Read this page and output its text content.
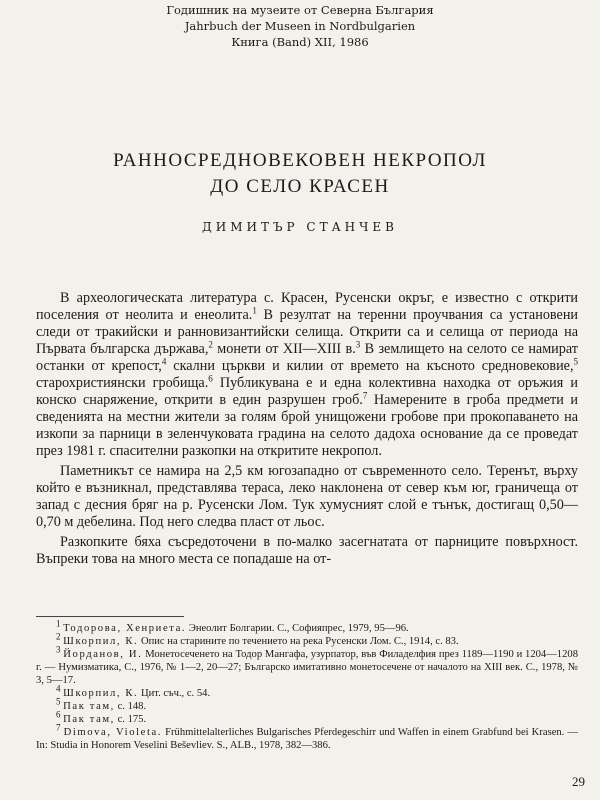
Годишник на музеите от Северна България
Jahrbuch der Museen in Nordbulgarien
Книга (Band) XII, 1986
РАННОСРЕДНОВЕКОВЕН НЕКРОПОЛ
ДО СЕЛО КРАСЕН
ДИМИТЪР СТАНЧЕВ

В археологическата литература с. Красен, Русенски окръг, е известно с открити поселения от неолита и енеолита.$^1$ В резултат на теренни проучвания са установени следи от тракийски и ранновизантийски селища. Открити са и селища от периода на Първата българска държава,$^2$ монети от XII—XIII в.$^3$ В землището на селото се намират останки от крепост,$^4$ скални църкви и килии от времето на късното средновековие,$^5$ старохристиянски гробища.$^6$ Публикувана е и една колективна находка от оръжия и конско снаряжение, открити в един разрушен гроб.$^7$ Намерените в гроба предмети и сведенията на местни жители за голям брой унищожени гробове при прокопаването на изкопи за парници в зеленчуковата градина на селото дадоха основание да се проведат през 1981 г. спасителни разкопки на откритите некропол.

Паметникът се намира на 2,5 км югозападно от съвременното село. Теренът, върху който е възникнал, представлява тераса, леко наклонена от север към юг, граничеща от запад с десния бряг на р. Русенски Лом. Тук хумусният слой е тънък, достигащ 0,50—0,70 м дебелина. Под него следва пласт от льос.

Разкопките бяха съсредоточени в по-малко засегнатата от парниците повърхност. Въпреки това на много места се попадаше на от-

$^1$ Тодорова, Хенриета. Энеолит Болгарии. С., Софияпрес, 1979, 95—96.

$^2$ Шкорпил, К. Опис на старините по течението на река Русенски Лом. С., 1914, с. 83.

$^3$ Йорданов, И. Монетосеченето на Тодор Мангафа, узурпатор, във Филаделфия през 1189—1190 и 1204—1208 г. — Нумизматика, С., 1976, № 1—2, 20—27; Българско имитативно монетосечене от началото на XIII век. С., 1978, № 3, 5—17.

$^4$ Шкорпил, К. Цит. съч., с. 54.

$^5$ Пак там, с. 148.

$^6$ Пак там, с. 175.

$^7$ Dimova, Violeta. Frühmittelalterliches Bulgarisches Pferdegeschirr und Waffen in einem Grabfund bei Krasen. — In: Studia in Honorem Veselini Beševliev. S., ALB., 1978, 382—386.

29
